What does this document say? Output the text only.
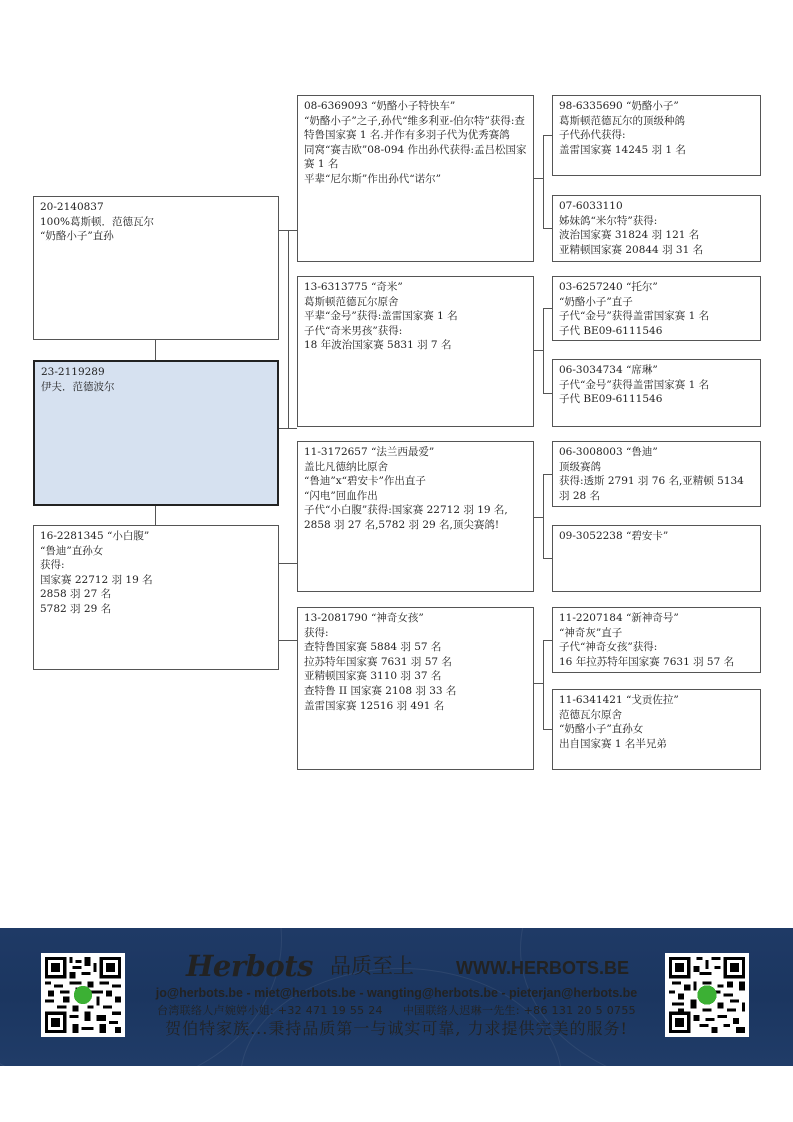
20-2140837
100%葛斯顿．范德瓦尔
“奶酪小子”直孙
23-2119289
伊夫．范德波尔
16-2281345 “小白腹”
“鲁迪”直孙女
获得:
国家赛 22712 羽 19 名
2858 羽 27 名
5782 羽 29 名
08-6369093 “奶酪小子特快车”
“奶酪小子”之子,孙代“维多利亚-伯尔特”获得:查特鲁国家赛 1 名.并作有多羽子代为优秀赛鸽
同窝“赛吉欧”08-094 作出孙代获得:孟吕松国家赛 1 名
平辈“尼尔斯”作出孙代“诺尔”
13-6313775 “奇米”
葛斯顿范德瓦尔原舍
平辈“金号”获得:盖雷国家赛 1 名
子代“奇米男孩”获得:
18 年波治国家赛 5831 羽 7 名
11-3172657 “法兰西最爱”
盖比凡德纳比原舍
“鲁迪”x“碧安卡”作出直子
“闪电”回血作出
子代“小白腹”获得:国家赛 22712 羽 19 名,
2858 羽 27 名,5782 羽 29 名,顶尖赛鸽!
13-2081790 “神奇女孩”
获得:
查特鲁国家赛 5884 羽 57 名
拉苏特年国家赛 7631 羽 57 名
亚精顿国家赛 3110 羽 37 名
查特鲁 II 国家赛 2108 羽 33 名
盖雷国家赛 12516 羽 491 名
98-6335690 “奶酪小子”
葛斯顿范德瓦尔的顶级种鸽
子代孙代获得:
盖雷国家赛 14245 羽 1 名
07-6033110
姊妹鸽“米尔特”获得:
波治国家赛 31824 羽 121 名
亚精顿国家赛 20844 羽 31 名
03-6257240 “托尔”
“奶酪小子”直子
子代“金号”获得盖雷国家赛 1 名
子代 BE09-6111546
06-3034734 “席琳”
子代“金号”获得盖雷国家赛 1 名
子代 BE09-6111546
06-3008003 “鲁迪”
顶级赛鸽
获得:透斯 2791 羽 76 名,亚精顿 5134 羽 28 名
09-3052238 “碧安卡”
11-2207184 “新神奇号”
“神奇灰”直子
子代“神奇女孩”获得:
16 年拉苏特年国家赛 7631 羽 57 名
11-6341421 “戈贡佐拉”
范德瓦尔原舍
“奶酪小子”直孙女
出自国家赛 1 名半兄弟
Herbots 品质至上 WWW.HERBOTS.BE
jo@herbots.be - miet@herbots.be - wangting@herbots.be - pieterjan@herbots.be
台湾联络人卢婉婷小姐: +32 471 19 55 24 中国联络人迟琳一先生: +86 131 20 5 0755
贺伯特家族...秉持品质第一与诚实可靠, 力求提供完美的服务!
